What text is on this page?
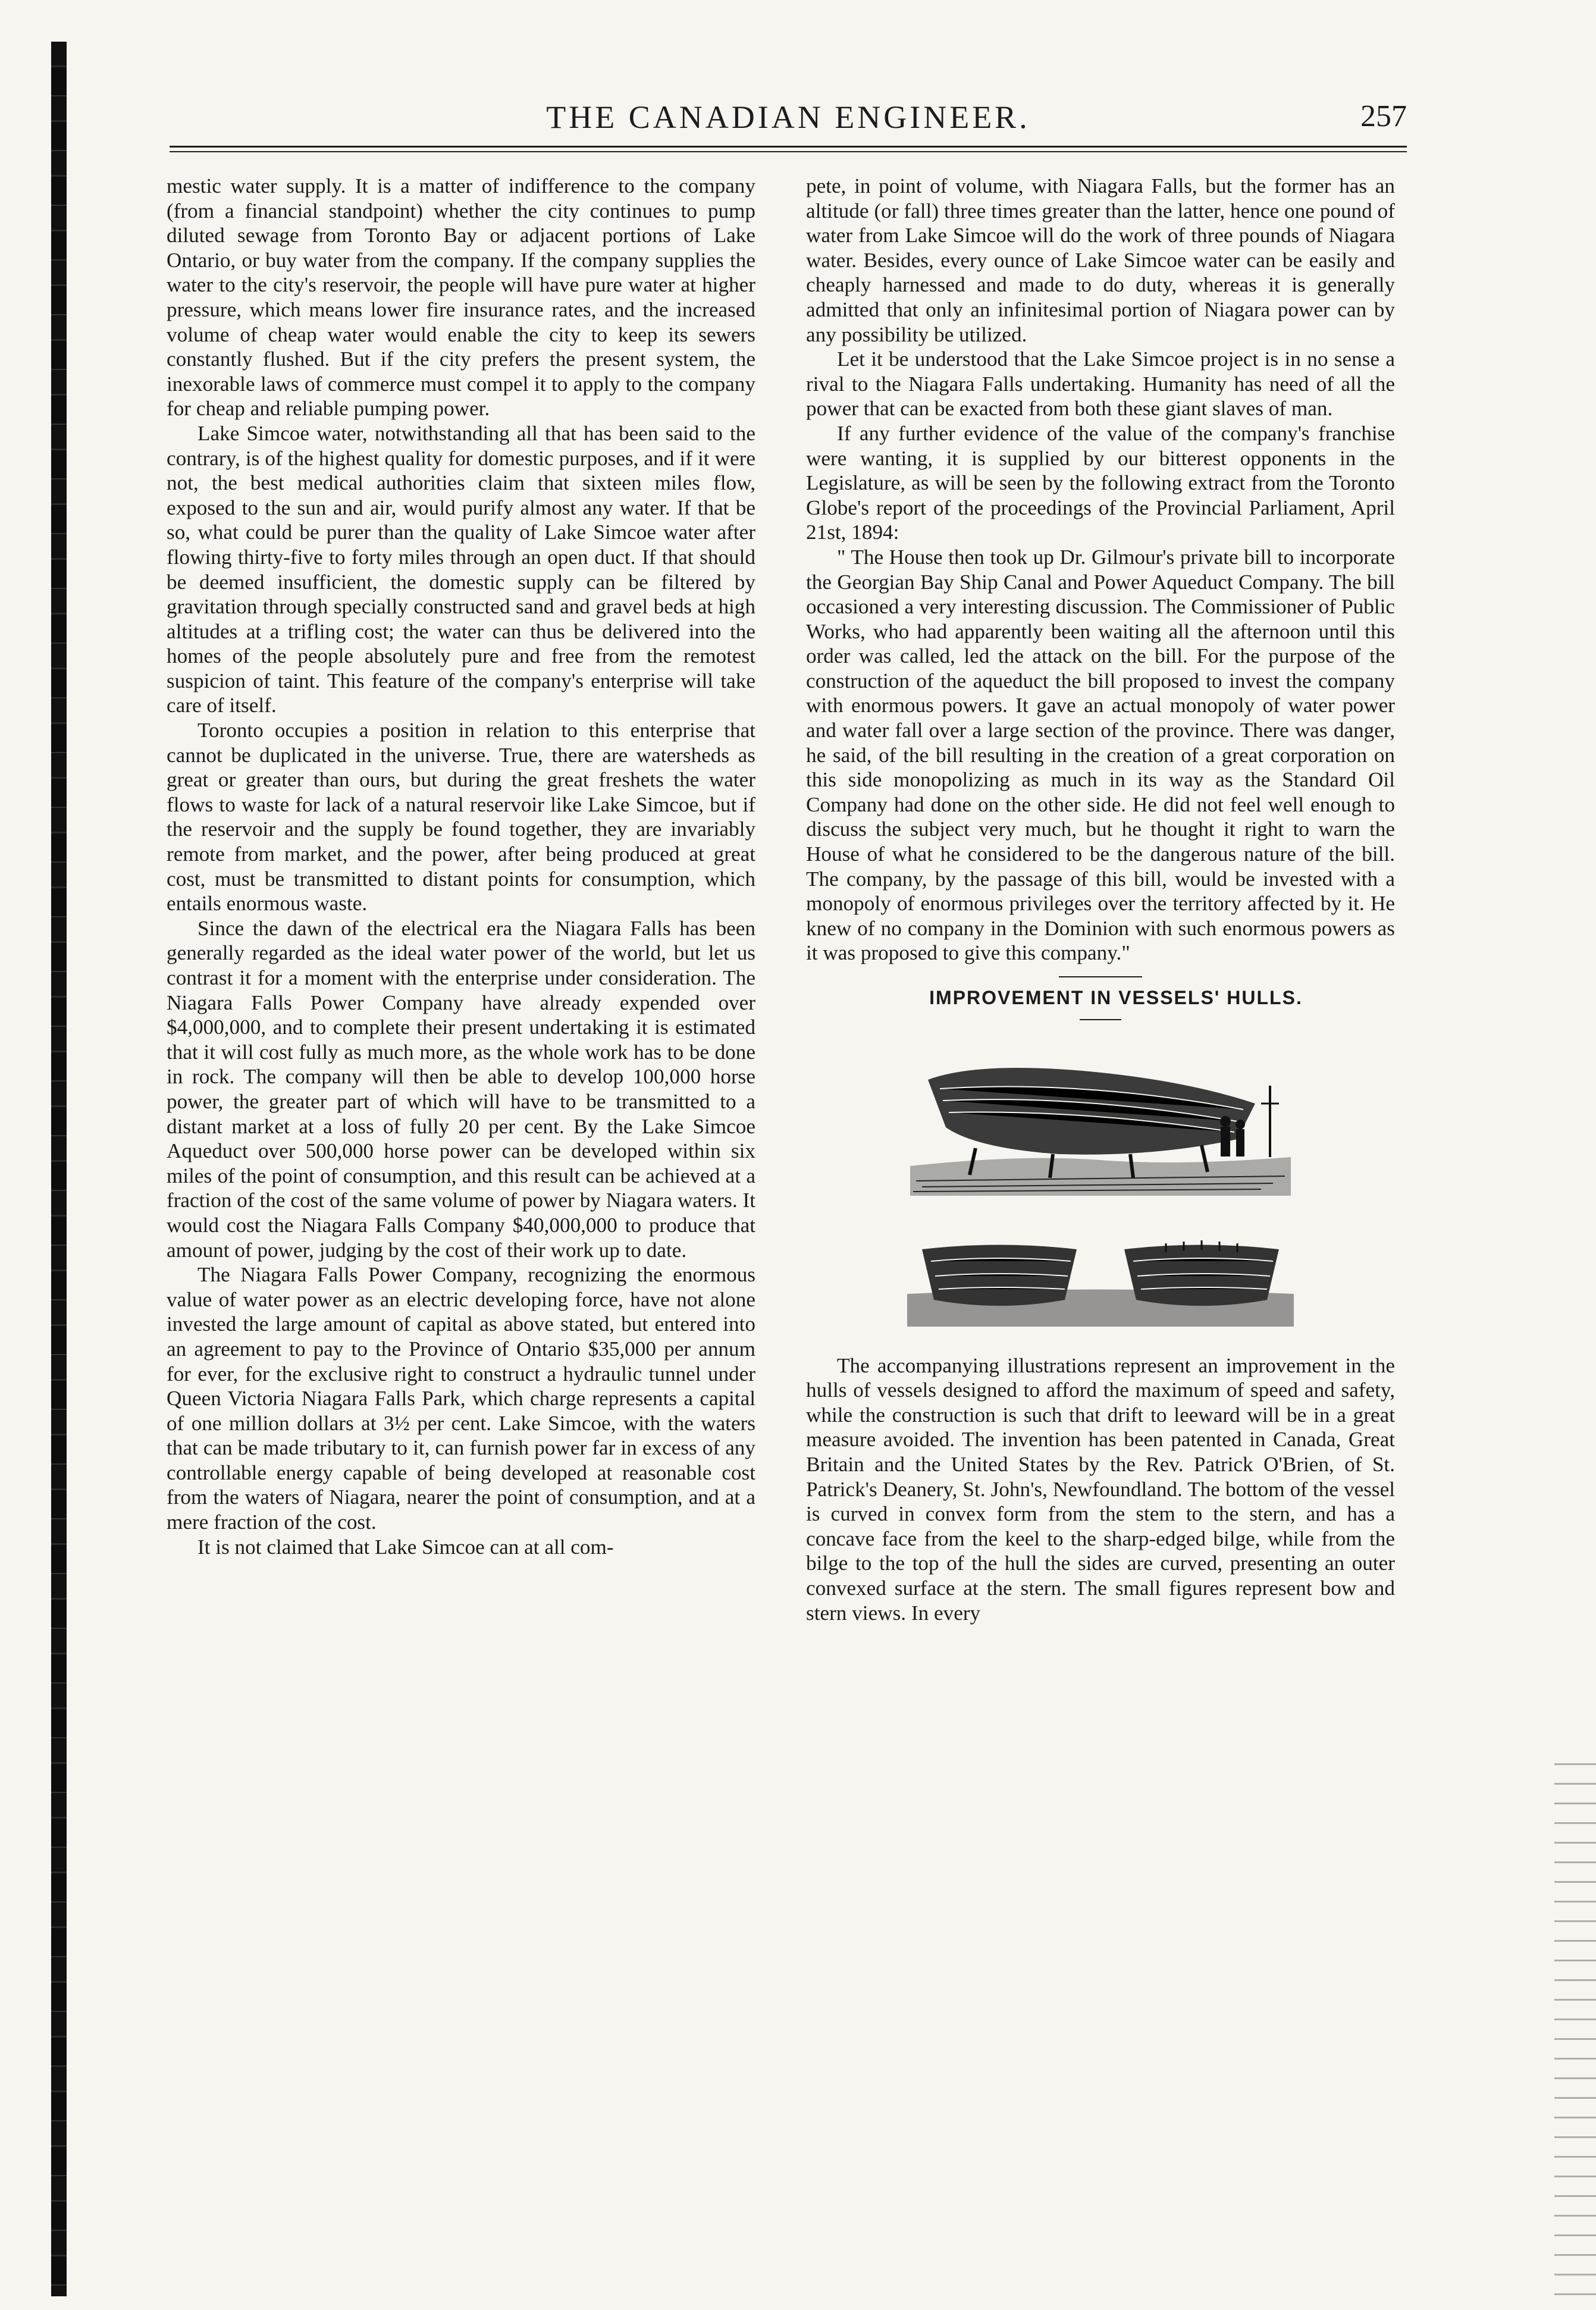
THE CANADIAN ENGINEER.	257

mestic water supply. It is a matter of indifference to the company (from a financial standpoint) whether the city continues to pump diluted sewage from Toronto Bay or adjacent portions of Lake Ontario, or buy water from the company. If the company supplies the water to the city's reservoir, the people will have pure water at higher pressure, which means lower fire insurance rates, and the increased volume of cheap water would enable the city to keep its sewers constantly flushed. But if the city prefers the present system, the inexorable laws of commerce must compel it to apply to the company for cheap and reliable pumping power.

Lake Simcoe water, notwithstanding all that has been said to the contrary, is of the highest quality for domestic purposes, and if it were not, the best medical authorities claim that sixteen miles flow, exposed to the sun and air, would purify almost any water. If that be so, what could be purer than the quality of Lake Simcoe water after flowing thirty-five to forty miles through an open duct. If that should be deemed insufficient, the domestic supply can be filtered by gravitation through specially constructed sand and gravel beds at high altitudes at a trifling cost; the water can thus be delivered into the homes of the people absolutely pure and free from the remotest suspicion of taint. This feature of the company's enterprise will take care of itself.

Toronto occupies a position in relation to this enterprise that cannot be duplicated in the universe. True, there are watersheds as great or greater than ours, but during the great freshets the water flows to waste for lack of a natural reservoir like Lake Simcoe, but if the reservoir and the supply be found together, they are invariably remote from market, and the power, after being produced at great cost, must be transmitted to distant points for consumption, which entails enormous waste.

Since the dawn of the electrical era the Niagara Falls has been generally regarded as the ideal water power of the world, but let us contrast it for a moment with the enterprise under consideration. The Niagara Falls Power Company have already expended over $4,000,000, and to complete their present undertaking it is estimated that it will cost fully as much more, as the whole work has to be done in rock. The company will then be able to develop 100,000 horse power, the greater part of which will have to be transmitted to a distant market at a loss of fully 20 per cent. By the Lake Simcoe Aqueduct over 500,000 horse power can be developed within six miles of the point of consumption, and this result can be achieved at a fraction of the cost of the same volume of power by Niagara waters. It would cost the Niagara Falls Company $40,000,000 to produce that amount of power, judging by the cost of their work up to date.

The Niagara Falls Power Company, recognizing the enormous value of water power as an electric developing force, have not alone invested the large amount of capital as above stated, but entered into an agreement to pay to the Province of Ontario $35,000 per annum for ever, for the exclusive right to construct a hydraulic tunnel under Queen Victoria Niagara Falls Park, which charge represents a capital of one million dollars at 3½ per cent. Lake Simcoe, with the waters that can be made tributary to it, can furnish power far in excess of any controllable energy capable of being developed at reasonable cost from the waters of Niagara, nearer the point of consumption, and at a mere fraction of the cost.

It is not claimed that Lake Simcoe can at all com-

pete, in point of volume, with Niagara Falls, but the former has an altitude (or fall) three times greater than the latter, hence one pound of water from Lake Simcoe will do the work of three pounds of Niagara water. Besides, every ounce of Lake Simcoe water can be easily and cheaply harnessed and made to do duty, whereas it is generally admitted that only an infinitesimal portion of Niagara power can by any possibility be utilized.

Let it be understood that the Lake Simcoe project is in no sense a rival to the Niagara Falls undertaking. Humanity has need of all the power that can be exacted from both these giant slaves of man.

If any further evidence of the value of the company's franchise were wanting, it is supplied by our bitterest opponents in the Legislature, as will be seen by the following extract from the Toronto Globe's report of the proceedings of the Provincial Parliament, April 21st, 1894:

" The House then took up Dr. Gilmour's private bill to incorporate the Georgian Bay Ship Canal and Power Aqueduct Company. The bill occasioned a very interesting discussion. The Commissioner of Public Works, who had apparently been waiting all the afternoon until this order was called, led the attack on the bill. For the purpose of the construction of the aqueduct the bill proposed to invest the company with enormous powers. It gave an actual monopoly of water power and water fall over a large section of the province. There was danger, he said, of the bill resulting in the creation of a great corporation on this side monopolizing as much in its way as the Standard Oil Company had done on the other side. He did not feel well enough to discuss the subject very much, but he thought it right to warn the House of what he considered to be the dangerous nature of the bill. The company, by the passage of this bill, would be invested with a monopoly of enormous privileges over the territory affected by it. He knew of no company in the Dominion with such enormous powers as it was proposed to give this company."

IMPROVEMENT IN VESSELS' HULLS.

The accompanying illustrations represent an improvement in the hulls of vessels designed to afford the maximum of speed and safety, while the construction is such that drift to leeward will be in a great measure avoided. The invention has been patented in Canada, Great Britain and the United States by the Rev. Patrick O'Brien, of St. Patrick's Deanery, St. John's, Newfoundland. The bottom of the vessel is curved in convex form from the stem to the stern, and has a concave face from the keel to the sharp-edged bilge, while from the bilge to the top of the hull the sides are curved, presenting an outer convexed surface at the stern. The small figures represent bow and stern views. In every
